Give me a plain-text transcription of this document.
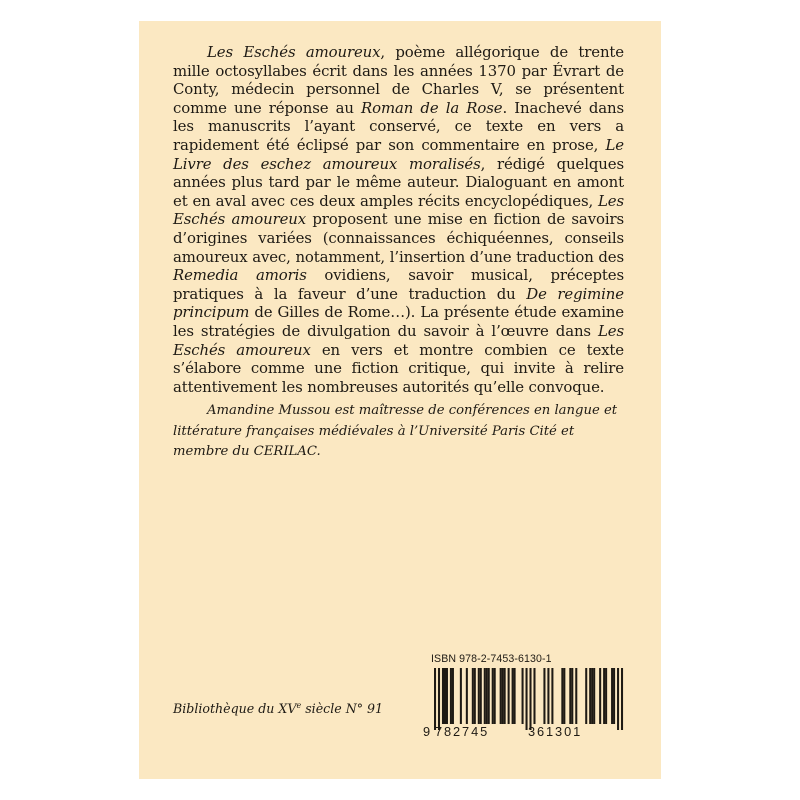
Les Eschés amoureux, poème allégorique de trente mille octosyllabes écrit dans les années 1370 par Évrart de Conty, médecin personnel de Charles V, se présentent comme une réponse au Roman de la Rose. Inachevé dans les manuscrits l’ayant conservé, ce texte en vers a rapidement été éclipsé par son commentaire en prose, Le Livre des eschez amoureux moralisés, rédigé quelques années plus tard par le même auteur. Dialoguant en amont et en aval avec ces deux amples récits encyclopédiques, Les Eschés amoureux proposent une mise en fiction de savoirs d’origines variées (connaissances échiquéennes, conseils amoureux avec, notamment, l’insertion d’une traduction des Remedia amoris ovidiens, savoir musical, préceptes pratiques à la faveur d’une traduction du De regimine principum de Gilles de Rome…). La présente étude examine les stratégies de divulgation du savoir à l’œuvre dans Les Eschés amoureux en vers et montre combien ce texte s’élabore comme une fiction critique, qui invite à relire attentivement les nombreuses autorités qu’elle convoque.

Amandine Mussou est maîtresse de conférences en langue et littérature françaises médiévales à l’Université Paris Cité et membre du CERILAC.

Bibliothèque du XVe siècle N° 91

ISBN 978-2-7453-6130-1
9 782745	361301
